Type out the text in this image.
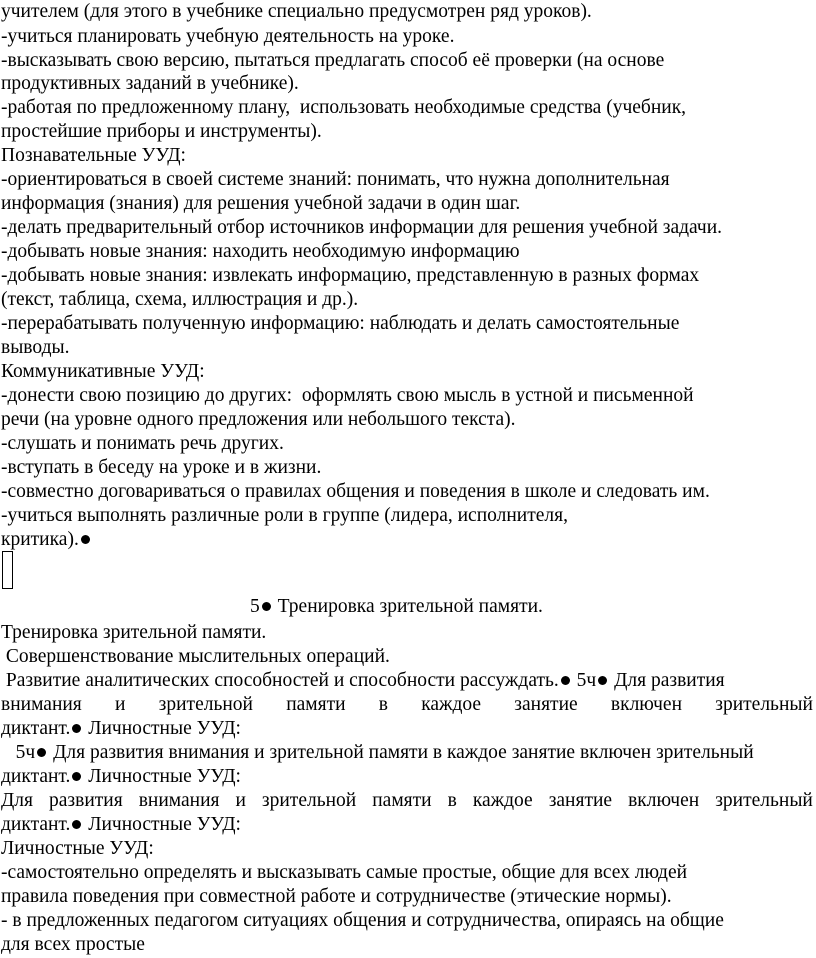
учителем (для этого в учебнике специально предусмотрен ряд уроков).
-учиться планировать учебную деятельность на уроке.
-высказывать свою версию, пытаться предлагать способ её проверки (на основе
продуктивных заданий в учебнике).
-работая по предложенному плану,  использовать необходимые средства (учебник,
простейшие приборы и инструменты).
Познавательные УУД:
-ориентироваться в своей системе знаний: понимать, что нужна дополнительная
информация (знания) для решения учебной задачи в один шаг.
-делать предварительный отбор источников информации для решения учебной задачи.
-добывать новые знания: находить необходимую информацию
-добывать новые знания: извлекать информацию, представленную в разных формах
(текст, таблица, схема, иллюстрация и др.).
-перерабатывать полученную информацию: наблюдать и делать самостоятельные
выводы.
Коммуникативные УУД:
-донести свою позицию до других:  оформлять свою мысль в устной и письменной
речи (на уровне одного предложения или небольшого текста).
-слушать и понимать речь других.
-вступать в беседу на уроке и в жизни.
-совместно договариваться о правилах общения и поведения в школе и следовать им.
-учиться выполнять различные роли в группе (лидера, исполнителя,
критика).
5 Тренировка зрительной памяти.
Тренировка зрительной памяти.
Совершенствование мыслительных операций.
Развитие аналитических способностей и способности рассуждать. 5ч Для развития
внимания и зрительной памяти в каждое занятие включен зрительный
диктант. Личностные УУД:
5ч Для развития внимания и зрительной памяти в каждое занятие включен зрительный
диктант. Личностные УУД:
Для развития внимания и зрительной памяти в каждое занятие включен зрительный
диктант. Личностные УУД:
Личностные УУД:
-самостоятельно определять и высказывать самые простые, общие для всех людей
правила поведения при совместной работе и сотрудничестве (этические нормы).
- в предложенных педагогом ситуациях общения и сотрудничества, опираясь на общие
для всех простые
